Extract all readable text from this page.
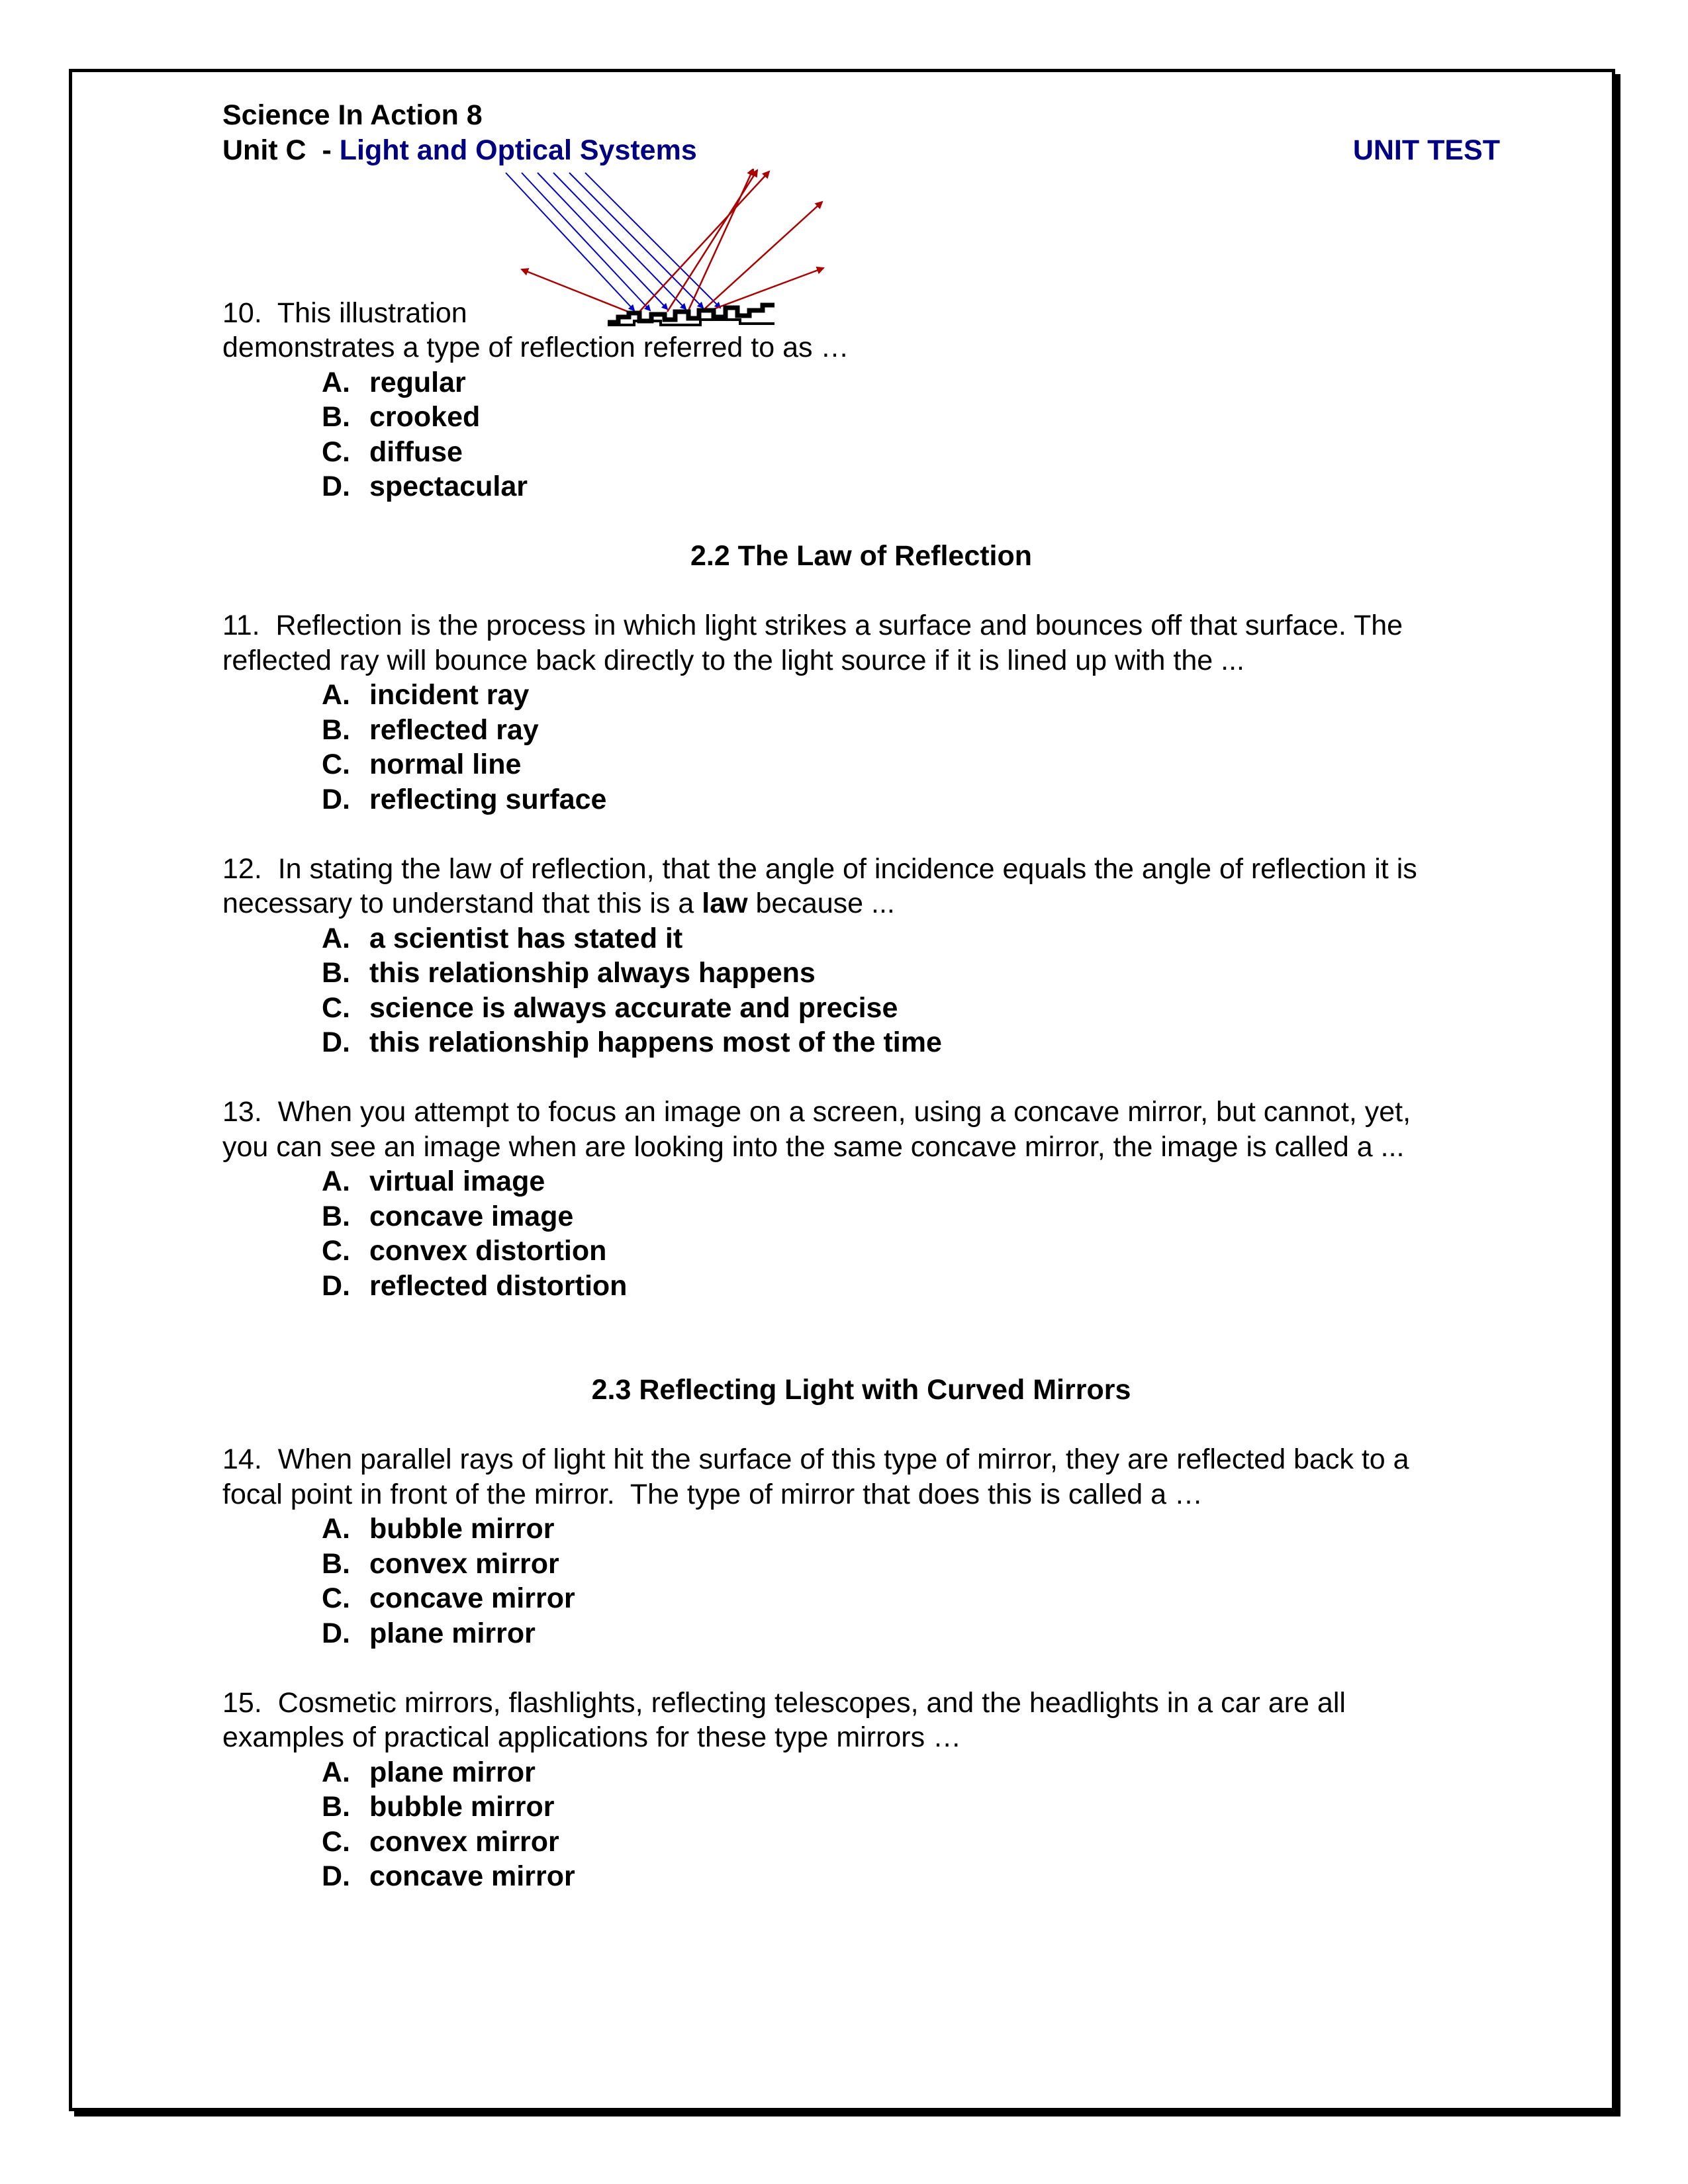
Science In Action 8
Unit C  - Light and Optical Systems	UNIT TEST
10. This illustration
demonstrates a type of reflection referred to as …
A. regular
B. crooked
C. diffuse
D. spectacular
2.2 The Law of Reflection
11. Reflection is the process in which light strikes a surface and bounces off that surface. The
reflected ray will bounce back directly to the light source if it is lined up with the ...
A. incident ray
B. reflected ray
C. normal line
D. reflecting surface
12. In stating the law of reflection, that the angle of incidence equals the angle of reflection it is
necessary to understand that this is a law because ...
A. a scientist has stated it
B. this relationship always happens
C. science is always accurate and precise
D. this relationship happens most of the time
13. When you attempt to focus an image on a screen, using a concave mirror, but cannot, yet,
you can see an image when are looking into the same concave mirror, the image is called a ...
A. virtual image
B. concave image
C. convex distortion
D. reflected distortion
2.3 Reflecting Light with Curved Mirrors
14. When parallel rays of light hit the surface of this type of mirror, they are reflected back to a
focal point in front of the mirror.  The type of mirror that does this is called a …
A. bubble mirror
B. convex mirror
C. concave mirror
D. plane mirror
15. Cosmetic mirrors, flashlights, reflecting telescopes, and the headlights in a car are all
examples of practical applications for these type mirrors …
A. plane mirror
B. bubble mirror
C. convex mirror
D. concave mirror
